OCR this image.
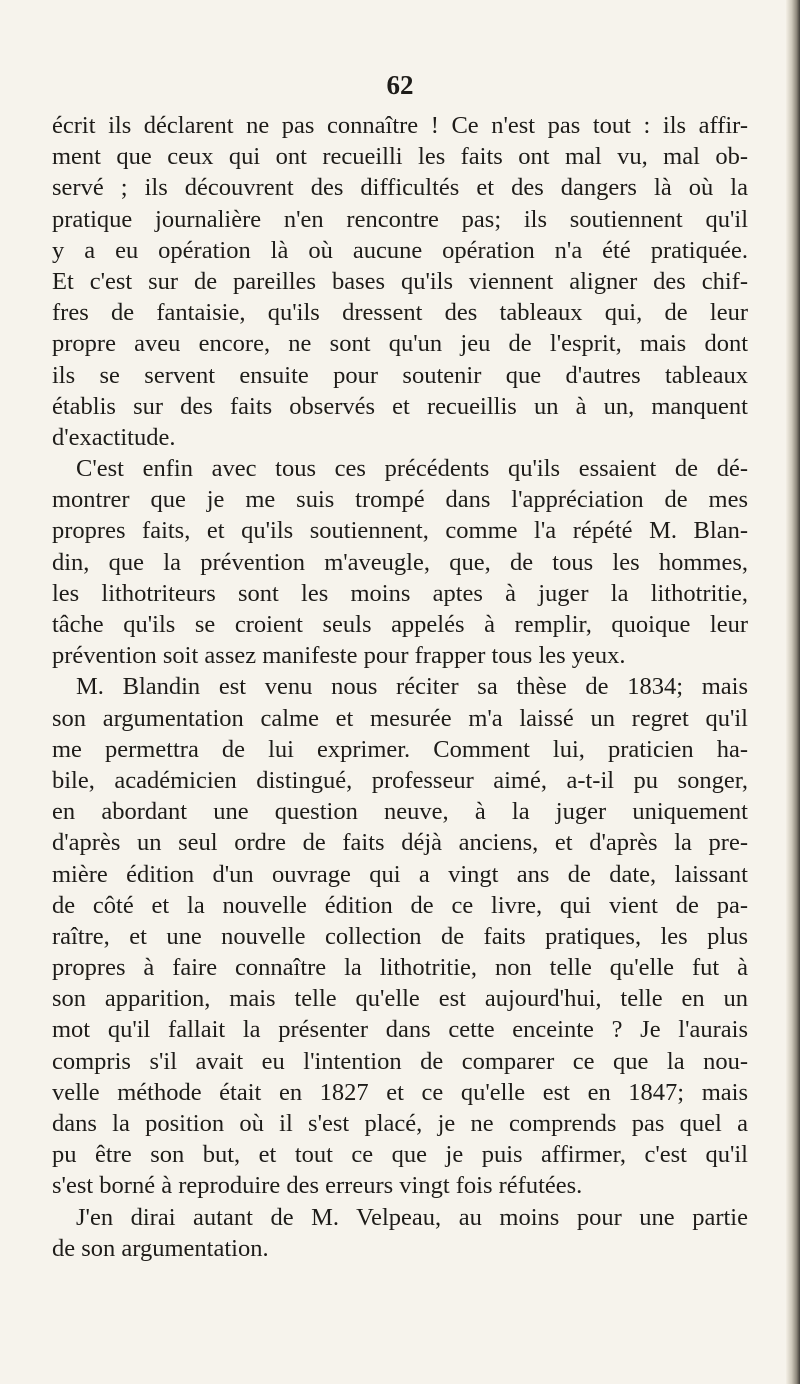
62
écrit ils déclarent ne pas connaître ! Ce n'est pas tout : ils affir-
ment que ceux qui ont recueilli les faits ont mal vu, mal ob-
servé ; ils découvrent des difficultés et des dangers là où la
pratique journalière n'en rencontre pas; ils soutiennent qu'il
y a eu opération là où aucune opération n'a été pratiquée.
Et c'est sur de pareilles bases qu'ils viennent aligner des chif-
fres de fantaisie, qu'ils dressent des tableaux qui, de leur
propre aveu encore, ne sont qu'un jeu de l'esprit, mais dont
ils se servent ensuite pour soutenir que d'autres tableaux
établis sur des faits observés et recueillis un à un, manquent
d'exactitude.
C'est enfin avec tous ces précédents qu'ils essaient de dé-
montrer que je me suis trompé dans l'appréciation de mes
propres faits, et qu'ils soutiennent, comme l'a répété M. Blan-
din, que la prévention m'aveugle, que, de tous les hommes,
les lithotriteurs sont les moins aptes à juger la lithotritie,
tâche qu'ils se croient seuls appelés à remplir, quoique leur
prévention soit assez manifeste pour frapper tous les yeux.
M. Blandin est venu nous réciter sa thèse de 1834; mais
son argumentation calme et mesurée m'a laissé un regret qu'il
me permettra de lui exprimer. Comment lui, praticien ha-
bile, académicien distingué, professeur aimé, a-t-il pu songer,
en abordant une question neuve, à la juger uniquement
d'après un seul ordre de faits déjà anciens, et d'après la pre-
mière édition d'un ouvrage qui a vingt ans de date, laissant
de côté et la nouvelle édition de ce livre, qui vient de pa-
raître, et une nouvelle collection de faits pratiques, les plus
propres à faire connaître la lithotritie, non telle qu'elle fut à
son apparition, mais telle qu'elle est aujourd'hui, telle en un
mot qu'il fallait la présenter dans cette enceinte ? Je l'aurais
compris s'il avait eu l'intention de comparer ce que la nou-
velle méthode était en 1827 et ce qu'elle est en 1847; mais
dans la position où il s'est placé, je ne comprends pas quel a
pu être son but, et tout ce que je puis affirmer, c'est qu'il
s'est borné à reproduire des erreurs vingt fois réfutées.
J'en dirai autant de M. Velpeau, au moins pour une partie
de son argumentation.
